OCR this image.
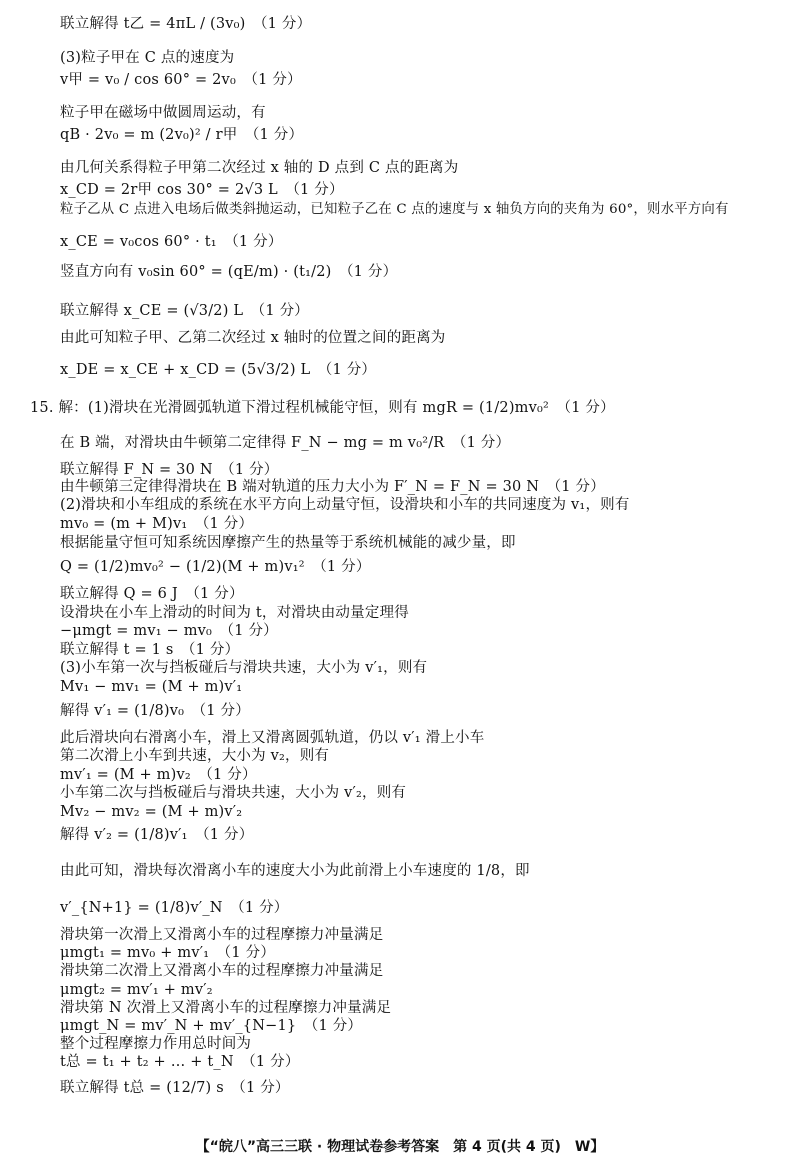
联立解得 t乙 = 4πL / (3v₀)　（1 分）
(3)粒子甲在 C 点的速度为
v甲 = v₀ / cos 60° = 2v₀　（1 分）
粒子甲在磁场中做圆周运动，有
qB · 2v₀ = m (2v₀)² / r甲　（1 分）
由几何关系得粒子甲第二次经过 x 轴的 D 点到 C 点的距离为
x_CD = 2r甲 cos 30° = 2√3 L　（1 分）
粒子乙从 C 点进入电场后做类斜抛运动，已知粒子乙在 C 点的速度与 x 轴负方向的夹角为 60°，则水平方向有
x_CE = v₀cos 60° · t₁　（1 分）
竖直方向有 v₀sin 60° = (qE/m) · (t₁/2)　（1 分）
联立解得 x_CE = (√3/2) L　（1 分）
由此可知粒子甲、乙第二次经过 x 轴时的位置之间的距离为
x_DE = x_CE + x_CD = (5√3/2) L　（1 分）
15. 解：(1)滑块在光滑圆弧轨道下滑过程机械能守恒，则有 mgR = (1/2)mv₀²　（1 分）
在 B 端，对滑块由牛顿第二定律得 F_N − mg = m v₀²/R　（1 分）
联立解得 F_N = 30 N　（1 分）
由牛顿第三定律得滑块在 B 端对轨道的压力大小为 F′_N = F_N = 30 N　（1 分）
(2)滑块和小车组成的系统在水平方向上动量守恒，设滑块和小车的共同速度为 v₁，则有
mv₀ = (m + M)v₁　（1 分）
根据能量守恒可知系统因摩擦产生的热量等于系统机械能的减少量，即
Q = (1/2)mv₀² − (1/2)(M + m)v₁²　（1 分）
联立解得 Q = 6 J　（1 分）
设滑块在小车上滑动的时间为 t，对滑块由动量定理得
−μmgt = mv₁ − mv₀　（1 分）
联立解得 t = 1 s　（1 分）
(3)小车第一次与挡板碰后与滑块共速，大小为 v′₁，则有
Mv₁ − mv₁ = (M + m)v′₁
解得 v′₁ = (1/8)v₀　（1 分）
此后滑块向右滑离小车，滑上又滑离圆弧轨道，仍以 v′₁ 滑上小车
第二次滑上小车到共速，大小为 v₂，则有
mv′₁ = (M + m)v₂　（1 分）
小车第二次与挡板碰后与滑块共速，大小为 v′₂，则有
Mv₂ − mv₂ = (M + m)v′₂
解得 v′₂ = (1/8)v′₁　（1 分）
由此可知，滑块每次滑离小车的速度大小为此前滑上小车速度的 1/8，即
v′_{N+1} = (1/8)v′_N　（1 分）
滑块第一次滑上又滑离小车的过程摩擦力冲量满足
μmgt₁ = mv₀ + mv′₁　（1 分）
滑块第二次滑上又滑离小车的过程摩擦力冲量满足
μmgt₂ = mv′₁ + mv′₂
滑块第 N 次滑上又滑离小车的过程摩擦力冲量满足
μmgt_N = mv′_N + mv′_{N−1}　（1 分）
整个过程摩擦力作用总时间为
t总 = t₁ + t₂ + … + t_N　（1 分）
联立解得 t总 = (12/7) s　（1 分）
【“皖八”高三三联 · 物理试卷参考答案　第 4 页(共 4 页)　W】
